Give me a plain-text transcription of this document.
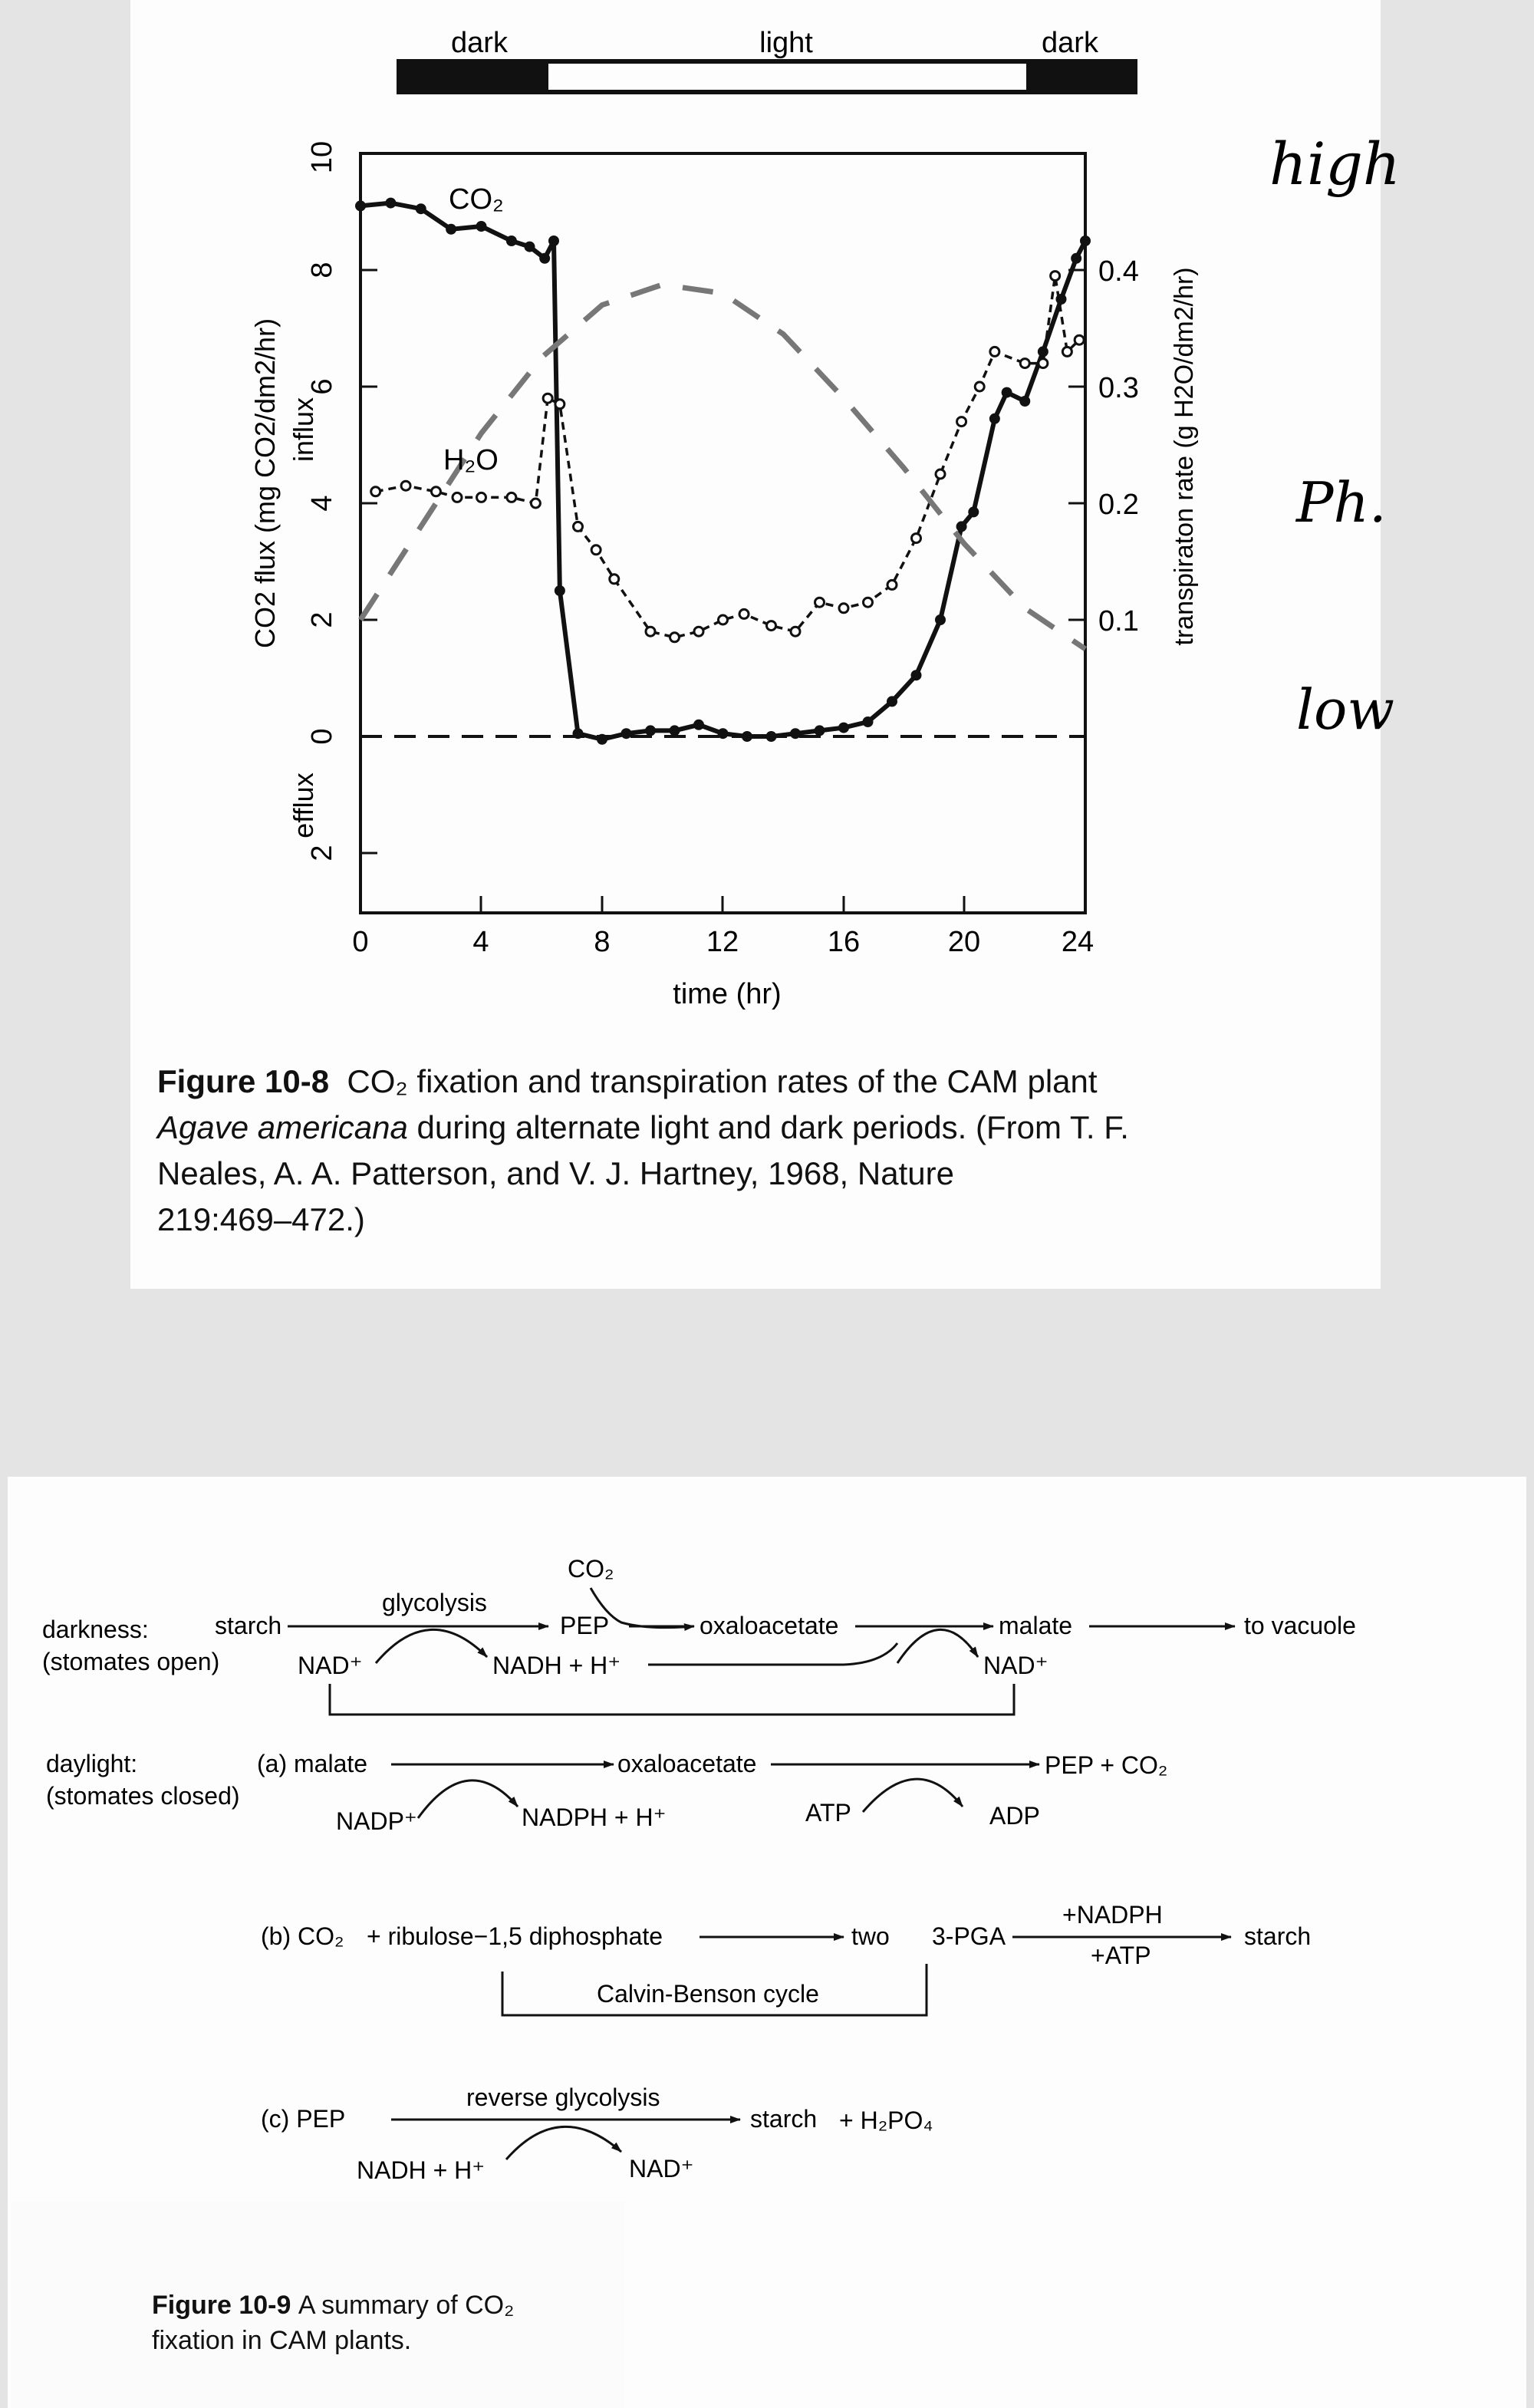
dark	light	dark
10
8
6
4
2
0
2
0.4
0.3
0.2
0.1
0	4	8	12	16	20	24
time (hr)
CO2 flux (mg CO2/dm2/hr) influx
efflux
transpiraton rate (g H2O/dm2/hr)
CO₂
H₂O
high
Ph.
low
darkness:
(stomates open)
starch
glycolysis
PEP
CO₂
oxaloacetate	malate	to vacuole
NAD⁺	NADH + H⁺	NAD⁺
daylight:
(stomates closed)
(a) malate	oxaloacetate	PEP + CO₂
NADP⁺	NADPH + H⁺	ATP	ADP
(b) CO₂ + ribulose−1,5 diphosphate	two 3-PGA
+NADPH
+ATP
starch
Calvin-Benson cycle
(c) PEP
reverse glycolysis
starch + H₂PO₄
NADH + H⁺	NAD⁺
Figure 10-8 CO₂ fixation and transpiration rates of the CAM plant
Agave americana during alternate light and dark periods. (From T. F.
Neales, A. A. Patterson, and V. J. Hartney, 1968, Nature
219:469–472.)
Figure 10-9 A summary of CO₂
fixation in CAM plants.
